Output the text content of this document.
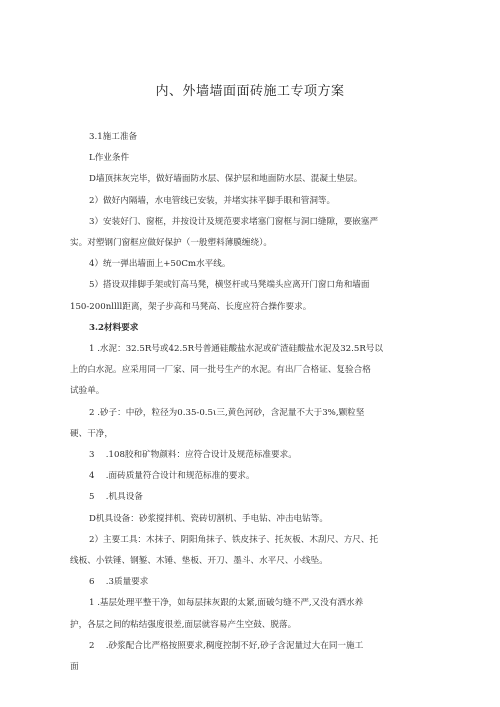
内、外墙墙面面砖施工专项方案

3.1施工准备

L作业条件

D墙顶抹灰完毕，做好墙面防水层、保护层和地面防水层、混凝土垫层。

2）做好内隔墙，水电管线已安装，并堵实抹平脚手眼和管洞等。

3）安装好门、窗框，并按设计及规范要求堵塞门窗框与洞口缝隙，要嵌塞严

实。对塑钢门窗框应做好保护（一般塑料薄膜缠绕）。

4）统一弹出墙面上+50Cm水平线。

5）搭设双排脚手架或钉高马凳，横竖杆或马凳端头应离开门窗口角和墙面

150-200nllll距离，架子步高和马凳高、长度应符合操作要求。

3.2材料要求

1 .水泥：32.5R号或42.5R号普通硅酸盐水泥或矿渣硅酸盐水泥及32.5R号以

上的白水泥。应采用同一厂家、同一批号生产的水泥。有出厂合格证、复验合格

试验单。

2 .砂子：中砂，粒径为0.35-0.5ι三,黄色河砂，含泥量不大于3%,颗粒坚

硬、干净，

3　 .108胶和矿物颜料：应符合设计及规范标准要求。

4　 .面砖质量符合设计和规范标准的要求。

5　 .机具设备

D机具设备：砂浆搅拌机、瓷砖切割机、手电钻、冲击电钻等。

2）主要工具：木抹子、阴阳角抹子、铁皮抹子、托灰板、木刮尺、方尺、托

线板、小铁锤、钢錾、木锤、垫板、开刀、墨斗、水平尺、小线坠。

6　 .3质量要求

1 .基层处理平整干净，如每层抹灰跟的太紧,面破匀缝不严,又没有洒水养

护，各层之间的粘结强度很差,面层就容易产生空鼓、脱落。

2　 .砂浆配合比严格按照要求,稠度控制不好,砂子含泥量过大在同一施工

面
